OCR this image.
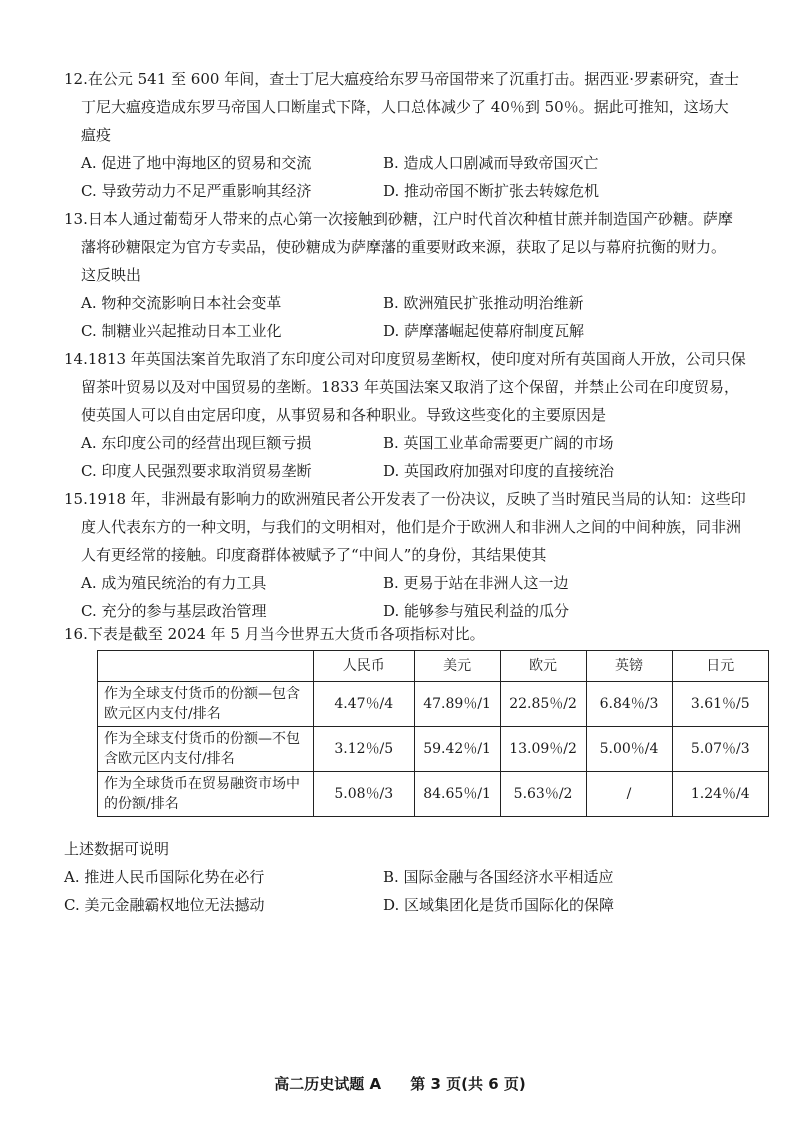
12.在公元 541 至 600 年间，查士丁尼大瘟疫给东罗马帝国带来了沉重打击。据西亚·罗素研究，查士
丁尼大瘟疫造成东罗马帝国人口断崖式下降，人口总体减少了 40％到 50％。据此可推知，这场大
瘟疫
A. 促进了地中海地区的贸易和交流	B. 造成人口剧减而导致帝国灭亡
C. 导致劳动力不足严重影响其经济	D. 推动帝国不断扩张去转嫁危机
13.日本人通过葡萄牙人带来的点心第一次接触到砂糖，江户时代首次种植甘蔗并制造国产砂糖。萨摩
藩将砂糖限定为官方专卖品，使砂糖成为萨摩藩的重要财政来源，获取了足以与幕府抗衡的财力。
这反映出
A. 物种交流影响日本社会变革	B. 欧洲殖民扩张推动明治维新
C. 制糖业兴起推动日本工业化	D. 萨摩藩崛起使幕府制度瓦解
14.1813 年英国法案首先取消了东印度公司对印度贸易垄断权，使印度对所有英国商人开放，公司只保
留茶叶贸易以及对中国贸易的垄断。1833 年英国法案又取消了这个保留，并禁止公司在印度贸易，
使英国人可以自由定居印度，从事贸易和各种职业。导致这些变化的主要原因是
A. 东印度公司的经营出现巨额亏损	B. 英国工业革命需要更广阔的市场
C. 印度人民强烈要求取消贸易垄断	D. 英国政府加强对印度的直接统治
15.1918 年，非洲最有影响力的欧洲殖民者公开发表了一份决议，反映了当时殖民当局的认知：这些印
度人代表东方的一种文明，与我们的文明相对，他们是介于欧洲人和非洲人之间的中间种族，同非洲
人有更经常的接触。印度裔群体被赋予了“中间人”的身份，其结果使其
A. 成为殖民统治的有力工具	B. 更易于站在非洲人这一边
C. 充分的参与基层政治管理	D. 能够参与殖民利益的瓜分
16.下表是截至 2024 年 5 月当今世界五大货币各项指标对比。
	人民币	美元	欧元	英镑	日元
作为全球支付货币的份额—包含欧元区内支付/排名	4.47％/4	47.89％/1	22.85％/2	6.84％/3	3.61％/5
作为全球支付货币的份额—不包含欧元区内支付/排名	3.12％/5	59.42％/1	13.09％/2	5.00％/4	5.07％/3
作为全球货币在贸易融资市场中的份额/排名	5.08％/3	84.65％/1	5.63％/2	/	1.24％/4
上述数据可说明
A. 推进人民币国际化势在必行	B. 国际金融与各国经济水平相适应
C. 美元金融霸权地位无法撼动	D. 区域集团化是货币国际化的保障
高二历史试题 A 第 3 页(共 6 页)
